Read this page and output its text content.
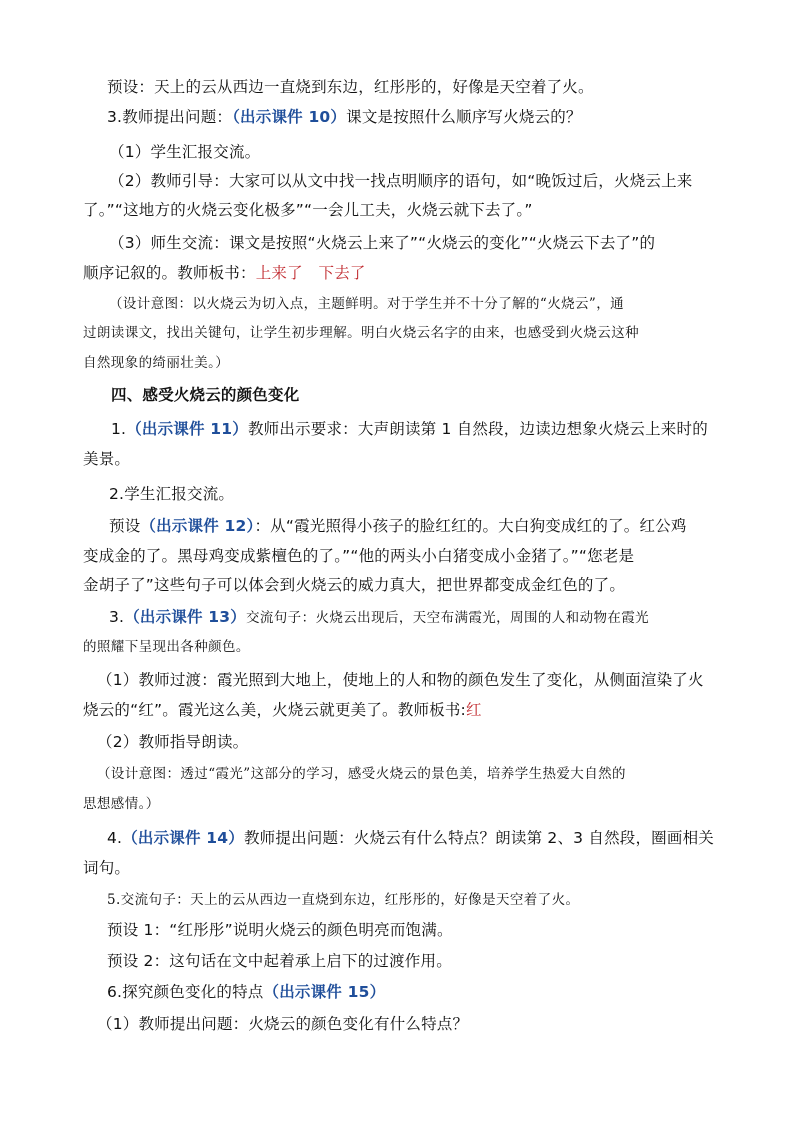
预设：天上的云从西边一直烧到东边，红彤彤的，好像是天空着了火。
3.教师提出问题：（出示课件 10）课文是按照什么顺序写火烧云的？
（1）学生汇报交流。
（2）教师引导：大家可以从文中找一找点明顺序的语句，如“晚饭过后，火烧云上来
了。”“这地方的火烧云变化极多”“一会儿工夫，火烧云就下去了。”
（3）师生交流：课文是按照“火烧云上来了”“火烧云的变化”“火烧云下去了”的
顺序记叙的。教师板书：上来了　下去了
（设计意图：以火烧云为切入点，主题鲜明。对于学生并不十分了解的“火烧云”，通
过朗读课文，找出关键句，让学生初步理解。明白火烧云名字的由来，也感受到火烧云这种
自然现象的绮丽壮美。）
四、感受火烧云的颜色变化
1.（出示课件 11）教师出示要求：大声朗读第 1 自然段，边读边想象火烧云上来时的
美景。
2.学生汇报交流。
预设（出示课件 12）：从“霞光照得小孩子的脸红红的。大白狗变成红的了。红公鸡
变成金的了。黑母鸡变成紫檀色的了。”“他的两头小白猪变成小金猪了。”“您老是
金胡子了”这些句子可以体会到火烧云的威力真大，把世界都变成金红色的了。
3.（出示课件 13）交流句子：火烧云出现后，天空布满霞光，周围的人和动物在霞光
的照耀下呈现出各种颜色。
（1）教师过渡：霞光照到大地上，使地上的人和物的颜色发生了变化，从侧面渲染了火
烧云的“红”。霞光这么美，火烧云就更美了。教师板书:红
（2）教师指导朗读。
（设计意图：透过“霞光”这部分的学习，感受火烧云的景色美，培养学生热爱大自然的
思想感情。）
4.（出示课件 14）教师提出问题：火烧云有什么特点？朗读第 2、3 自然段，圈画相关
词句。
5.交流句子：天上的云从西边一直烧到东边，红彤彤的，好像是天空着了火。
预设 1：“红彤彤”说明火烧云的颜色明亮而饱满。
预设 2：这句话在文中起着承上启下的过渡作用。
6.探究颜色变化的特点（出示课件 15）
（1）教师提出问题：火烧云的颜色变化有什么特点？
